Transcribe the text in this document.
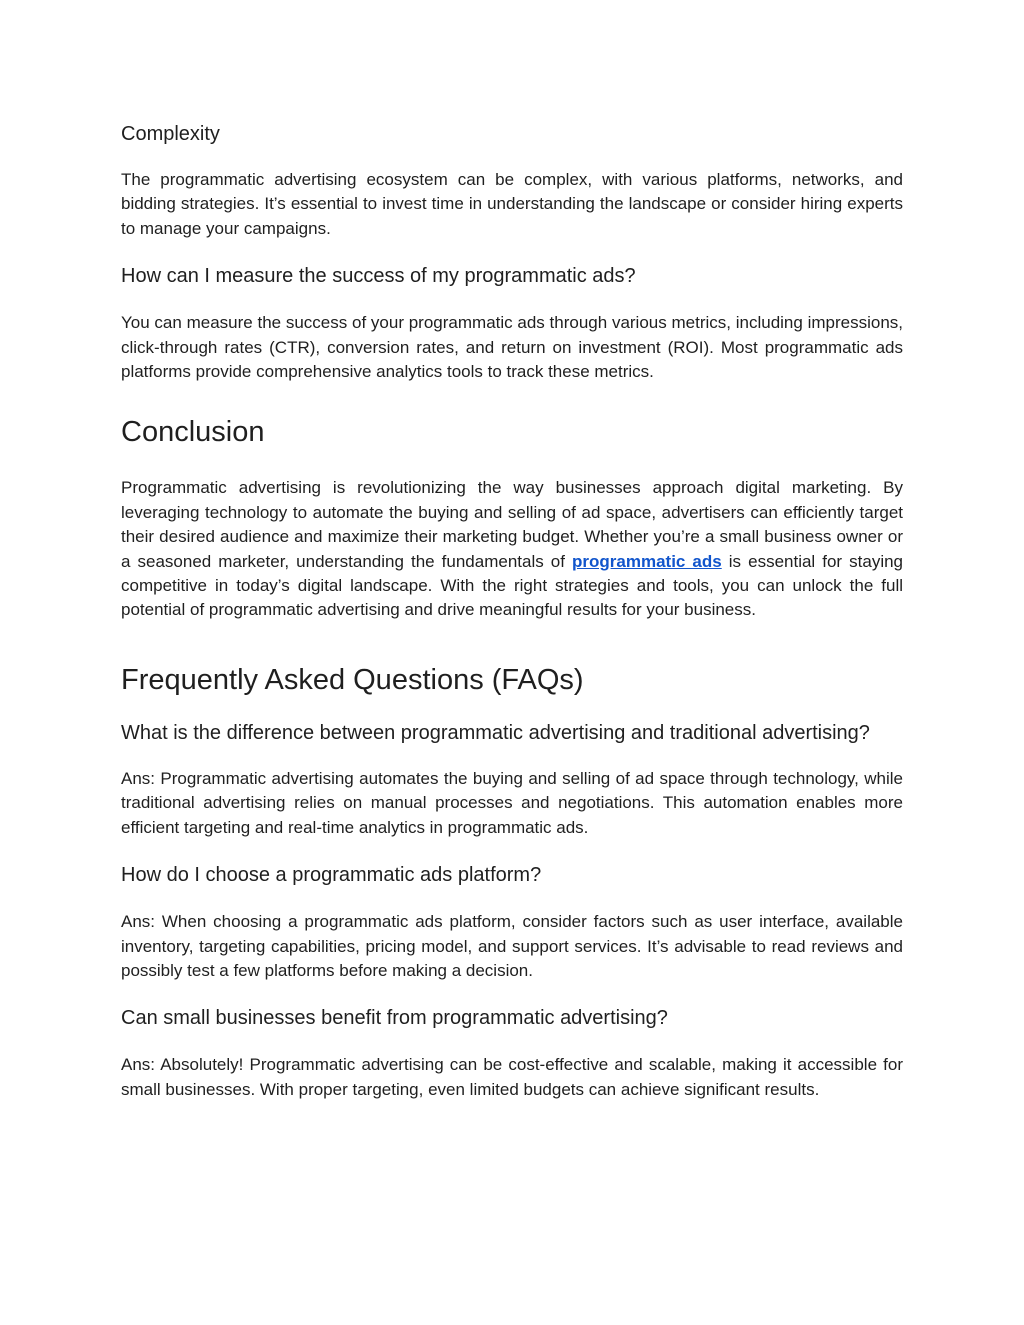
Complexity

The programmatic advertising ecosystem can be complex, with various platforms, networks, and bidding strategies. It’s essential to invest time in understanding the landscape or consider hiring experts to manage your campaigns.

How can I measure the success of my programmatic ads?

You can measure the success of your programmatic ads through various metrics, including impressions, click-through rates (CTR), conversion rates, and return on investment (ROI). Most programmatic ads platforms provide comprehensive analytics tools to track these metrics.

Conclusion

Programmatic advertising is revolutionizing the way businesses approach digital marketing. By leveraging technology to automate the buying and selling of ad space, advertisers can efficiently target their desired audience and maximize their marketing budget. Whether you’re a small business owner or a seasoned marketer, understanding the fundamentals of programmatic ads is essential for staying competitive in today’s digital landscape. With the right strategies and tools, you can unlock the full potential of programmatic advertising and drive meaningful results for your business.

Frequently Asked Questions (FAQs)
What is the difference between programmatic advertising and traditional advertising?

Ans: Programmatic advertising automates the buying and selling of ad space through technology, while traditional advertising relies on manual processes and negotiations. This automation enables more efficient targeting and real-time analytics in programmatic ads.

How do I choose a programmatic ads platform?

Ans: When choosing a programmatic ads platform, consider factors such as user interface, available inventory, targeting capabilities, pricing model, and support services. It’s advisable to read reviews and possibly test a few platforms before making a decision.

Can small businesses benefit from programmatic advertising?

Ans: Absolutely! Programmatic advertising can be cost-effective and scalable, making it accessible for small businesses. With proper targeting, even limited budgets can achieve significant results.
